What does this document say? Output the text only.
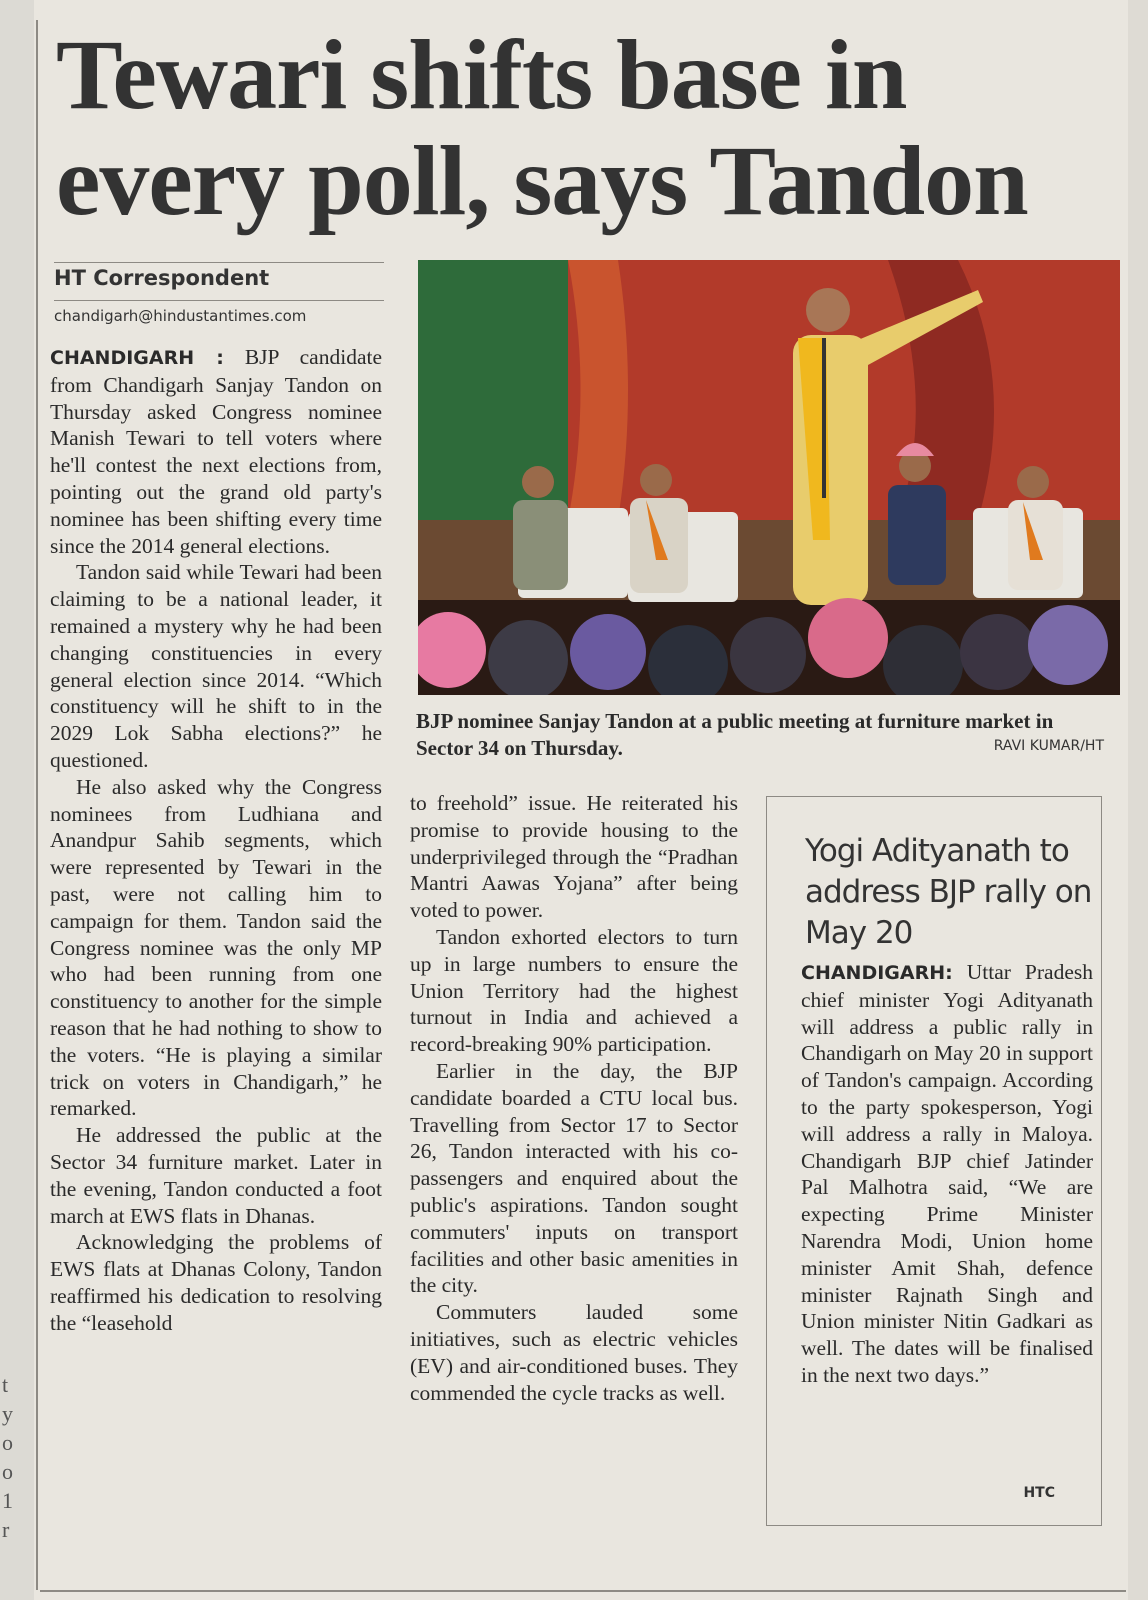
t
y
o
o
1
r
Tewari shifts base in every poll, says Tandon

HT Correspondent

chandigarh@hindustantimes.com

CHANDIGARH : BJP candidate from Chandigarh Sanjay Tandon on Thursday asked Congress nominee Manish Tewari to tell voters where he'll contest the next elections from, pointing out the grand old party's nominee has been shifting every time since the 2014 general elections.

Tandon said while Tewari had been claiming to be a national leader, it remained a mystery why he had been changing constituencies in every general election since 2014. “Which constituency will he shift to in the 2029 Lok Sabha elections?” he questioned.

He also asked why the Congress nominees from Ludhiana and Anandpur Sahib segments, which were represented by Tewari in the past, were not calling him to campaign for them. Tandon said the Congress nominee was the only MP who had been running from one constituency to another for the simple reason that he had nothing to show to the voters. “He is playing a similar trick on voters in Chandigarh,” he remarked.

He addressed the public at the Sector 34 furniture market. Later in the evening, Tandon conducted a foot march at EWS flats in Dhanas.

Acknowledging the problems of EWS flats at Dhanas Colony, Tandon reaffirmed his dedication to resolving the “leasehold

BJP nominee Sanjay Tandon at a public meeting at furniture market in Sector 34 on Thursday.	RAVI KUMAR/HT

to freehold” issue. He reiterated his promise to provide housing to the underprivileged through the “Pradhan Mantri Aawas Yojana” after being voted to power.

Tandon exhorted electors to turn up in large numbers to ensure the Union Territory had the highest turnout in India and achieved a record-breaking 90% participation.

Earlier in the day, the BJP candidate boarded a CTU local bus. Travelling from Sector 17 to Sector 26, Tandon interacted with his co-passengers and enquired about the public's aspirations. Tandon sought commuters' inputs on transport facilities and other basic amenities in the city.

Commuters lauded some initiatives, such as electric vehicles (EV) and air-conditioned buses. They commended the cycle tracks as well.

Yogi Adityanath to address BJP rally on May 20

CHANDIGARH: Uttar Pradesh chief minister Yogi Adityanath will address a public rally in Chandigarh on May 20 in support of Tandon's campaign. According to the party spokesperson, Yogi will address a rally in Maloya. Chandigarh BJP chief Jatinder Pal Malhotra said, “We are expecting Prime Minister Narendra Modi, Union home minister Amit Shah, defence minister Rajnath Singh and Union minister Nitin Gadkari as well. The dates will be finalised in the next two days.”

HTC
